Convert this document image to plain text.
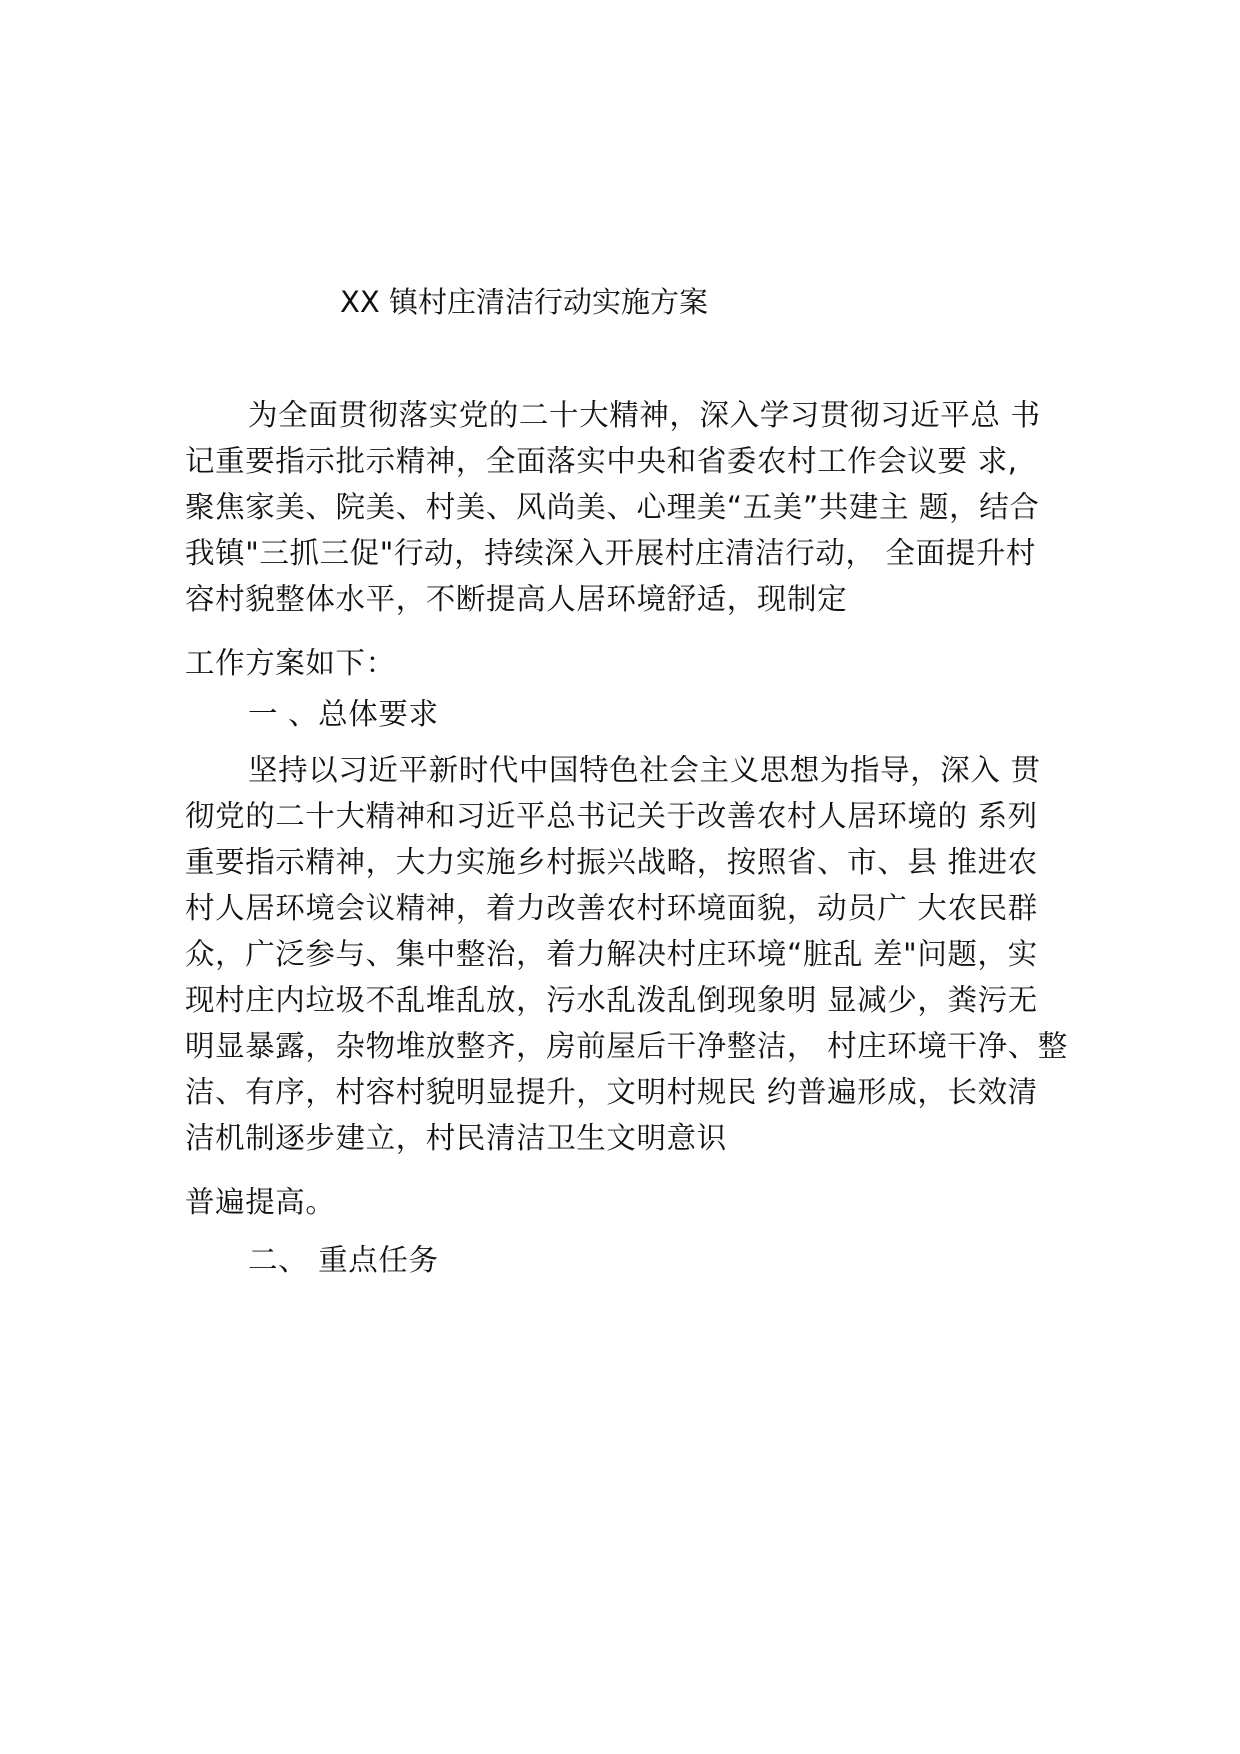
XX 镇村庄清洁行动实施方案
为全面贯彻落实党的二十大精神，深入学习贯彻习近平总 书
记重要指示批示精神，全面落实中央和省委农村工作会议要 求,
聚焦家美、院美、村美、风尚美、心理美“五美”共建主 题，结合
我镇"三抓三促"行动，持续深入开展村庄清洁行动， 全面提升村
容村貌整体水平，不断提高人居环境舒适，现制定
工作方案如下：
一 、总体要求
坚持以习近平新时代中国特色社会主义思想为指导，深入 贯
彻党的二十大精神和习近平总书记关于改善农村人居环境的 系列
重要指示精神，大力实施乡村振兴战略，按照省、市、县 推进农
村人居环境会议精神，着力改善农村环境面貌，动员广 大农民群
众，广泛参与、集中整治，着力解决村庄环境“脏乱 差"问题，实
现村庄内垃圾不乱堆乱放，污水乱泼乱倒现象明 显减少，粪污无
明显暴露，杂物堆放整齐，房前屋后干净整洁， 村庄环境干净、整
洁、有序，村容村貌明显提升，文明村规民 约普遍形成，长效清
洁机制逐步建立，村民清洁卫生文明意识
普遍提高。
二、 重点任务
